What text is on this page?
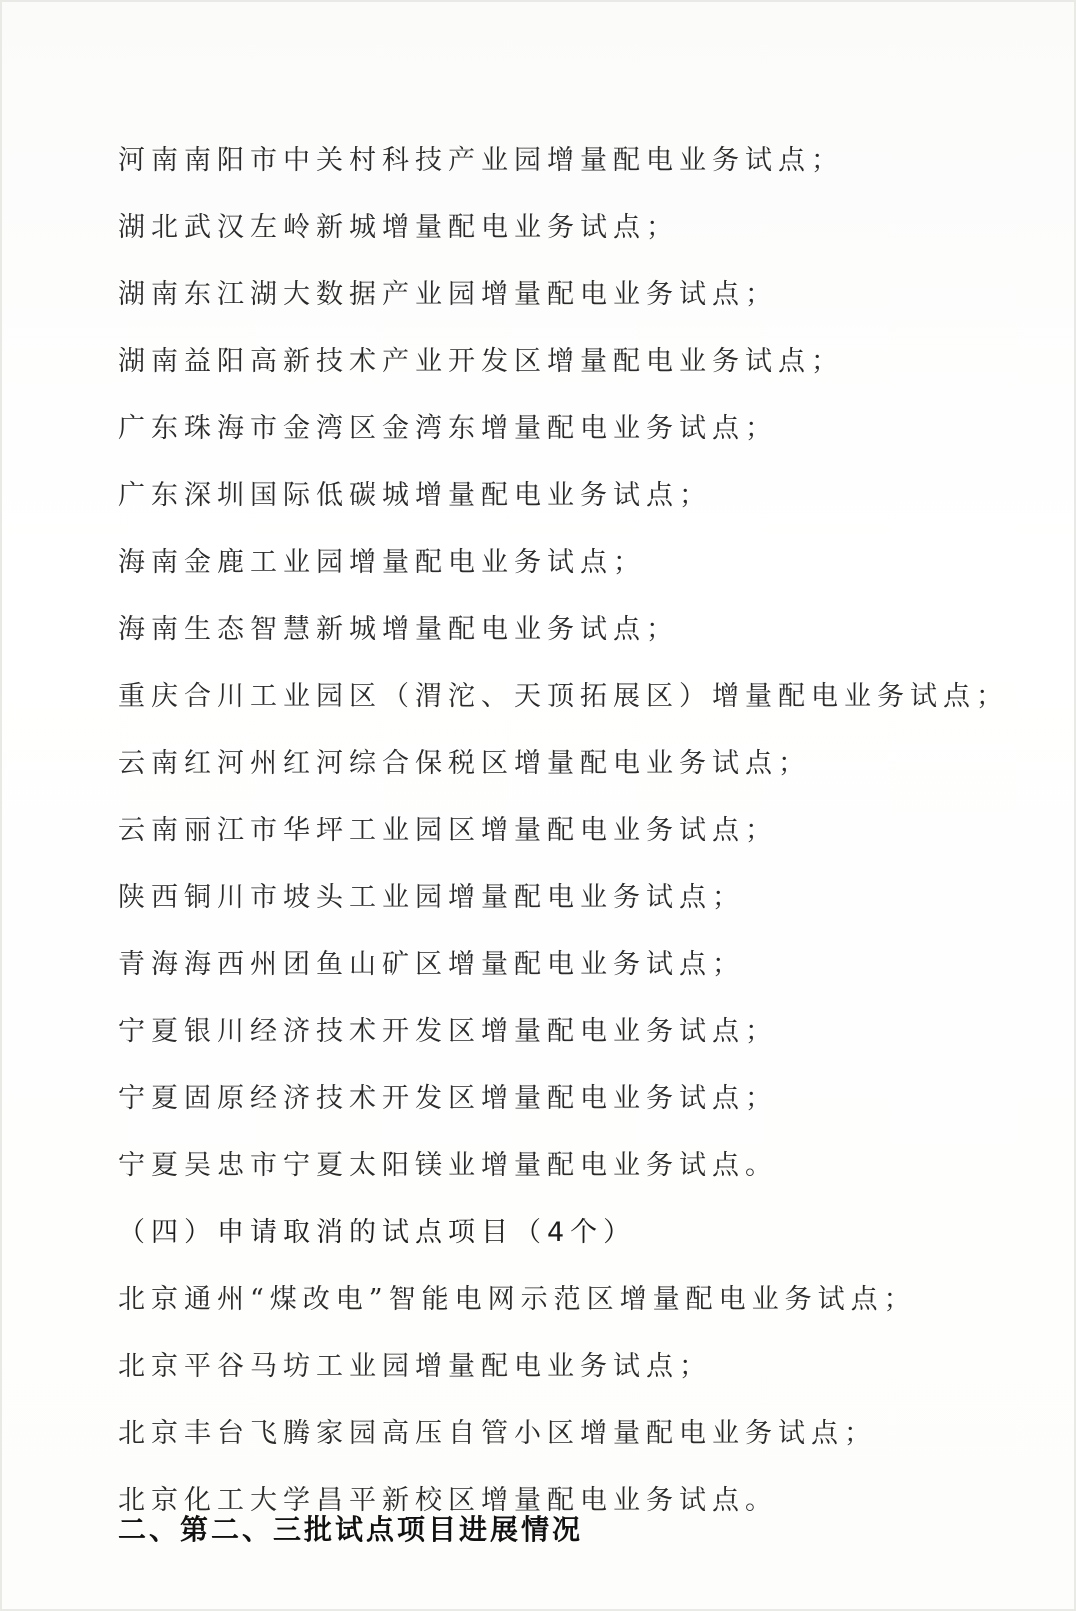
河南南阳市中关村科技产业园增量配电业务试点；
湖北武汉左岭新城增量配电业务试点；
湖南东江湖大数据产业园增量配电业务试点；
湖南益阳高新技术产业开发区增量配电业务试点；
广东珠海市金湾区金湾东增量配电业务试点；
广东深圳国际低碳城增量配电业务试点；
海南金鹿工业园增量配电业务试点；
海南生态智慧新城增量配电业务试点；
重庆合川工业园区（渭沱、天顶拓展区）增量配电业务试点；
云南红河州红河综合保税区增量配电业务试点；
云南丽江市华坪工业园区增量配电业务试点；
陕西铜川市坡头工业园增量配电业务试点；
青海海西州团鱼山矿区增量配电业务试点；
宁夏银川经济技术开发区增量配电业务试点；
宁夏固原经济技术开发区增量配电业务试点；
宁夏吴忠市宁夏太阳镁业增量配电业务试点。
（四）申请取消的试点项目（4个）
北京通州“煤改电”智能电网示范区增量配电业务试点；
北京平谷马坊工业园增量配电业务试点；
北京丰台飞腾家园高压自管小区增量配电业务试点；
北京化工大学昌平新校区增量配电业务试点。
二、第二、三批试点项目进展情况
